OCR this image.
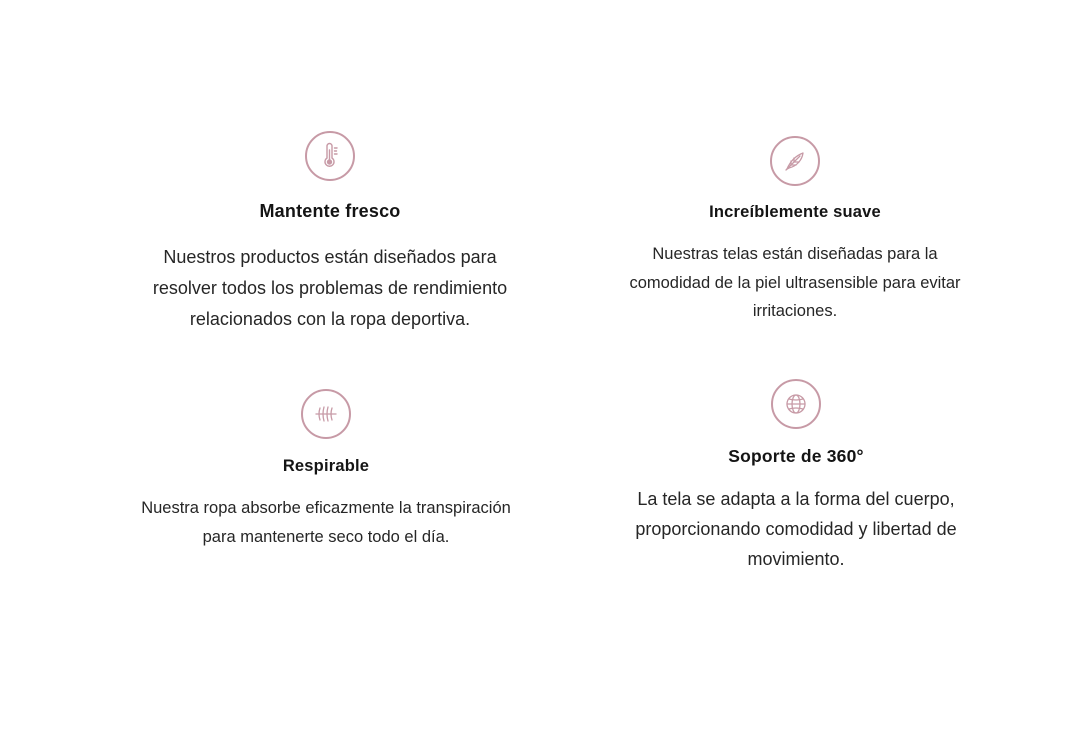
Mantente fresco
Nuestros productos están diseñados para resolver todos los problemas de rendimiento relacionados con la ropa deportiva.
Increíblemente suave
Nuestras telas están diseñadas para la comodidad de la piel ultrasensible para evitar irritaciones.
Respirable
Nuestra ropa absorbe eficazmente la transpiración para mantenerte seco todo el día.
Soporte de 360°
La tela se adapta a la forma del cuerpo, proporcionando comodidad y libertad de movimiento.
